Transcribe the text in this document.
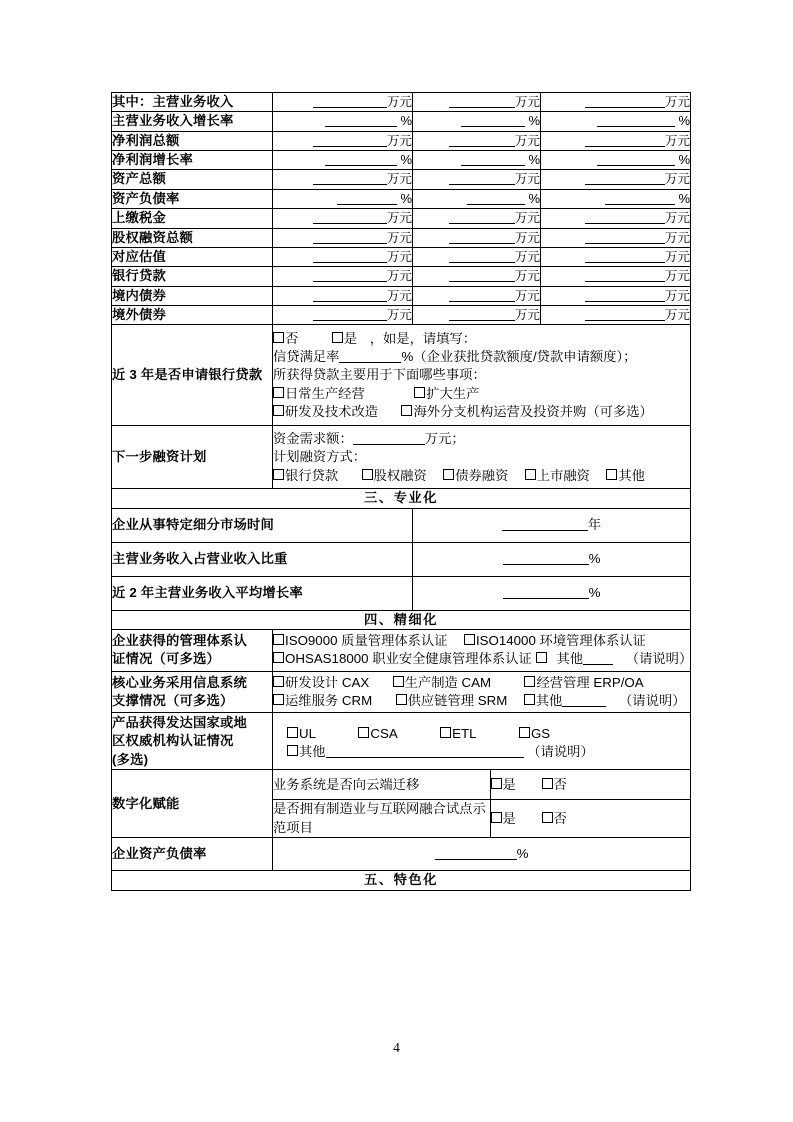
其中：主营业务收入	万元	万元	万元
主营业务收入增长率	%	%	%
净利润总额	万元	万元	万元
净利润增长率	%	%	%
资产总额	万元	万元	万元
资产负债率	%	%	%
上缴税金	万元	万元	万元
股权融资总额	万元	万元	万元
对应估值	万元	万元	万元
银行贷款	万元	万元	万元
境内债券	万元	万元	万元
境外债券	万元	万元	万元
近 3 年是否申请银行贷款	
否	是 ，如是，请填写：
信贷满足率	%（企业获批贷款额度/贷款申请额度）；
所获得贷款主要用于下面哪些事项：
日常生产经营	扩大生产
研发及技术改造	海外分支机构运营及投资并购（可多选）

下一步融资计划	
资金需求额：	万元；
计划融资方式：
银行贷款	股权融资 债券融资 上市融资 其他

三、专业化
企业从事特定细分市场时间	年
主营业务收入占营业收入比重	%
近 2 年主营业务收入平均增长率	%
四、精细化

企业获得的管理体系认
证情况（可多选）

ISO9000 质量管理体系认证 ISO14000 环境管理体系认证
OHSAS18000 职业安全健康管理体系认证 其他	（请说明）

核心业务采用信息系统
支撑情况（可多选）

研发设计 CAX	生产制造 CAM	经营管理 ERP/OA
运维服务 CRM	供应链管理 SRM 其他	（请说明）

产品获得发达国家或地
区权威机构认证情况
(多选)

UL	CSA	ETL	GS
其他	（请说明）

数字化赋能	
业务系统是否向云端迁移	是	否
是否拥有制造业与互联网融合试点示范项目	是	否

企业资产负债率	%
五、特色化
4
